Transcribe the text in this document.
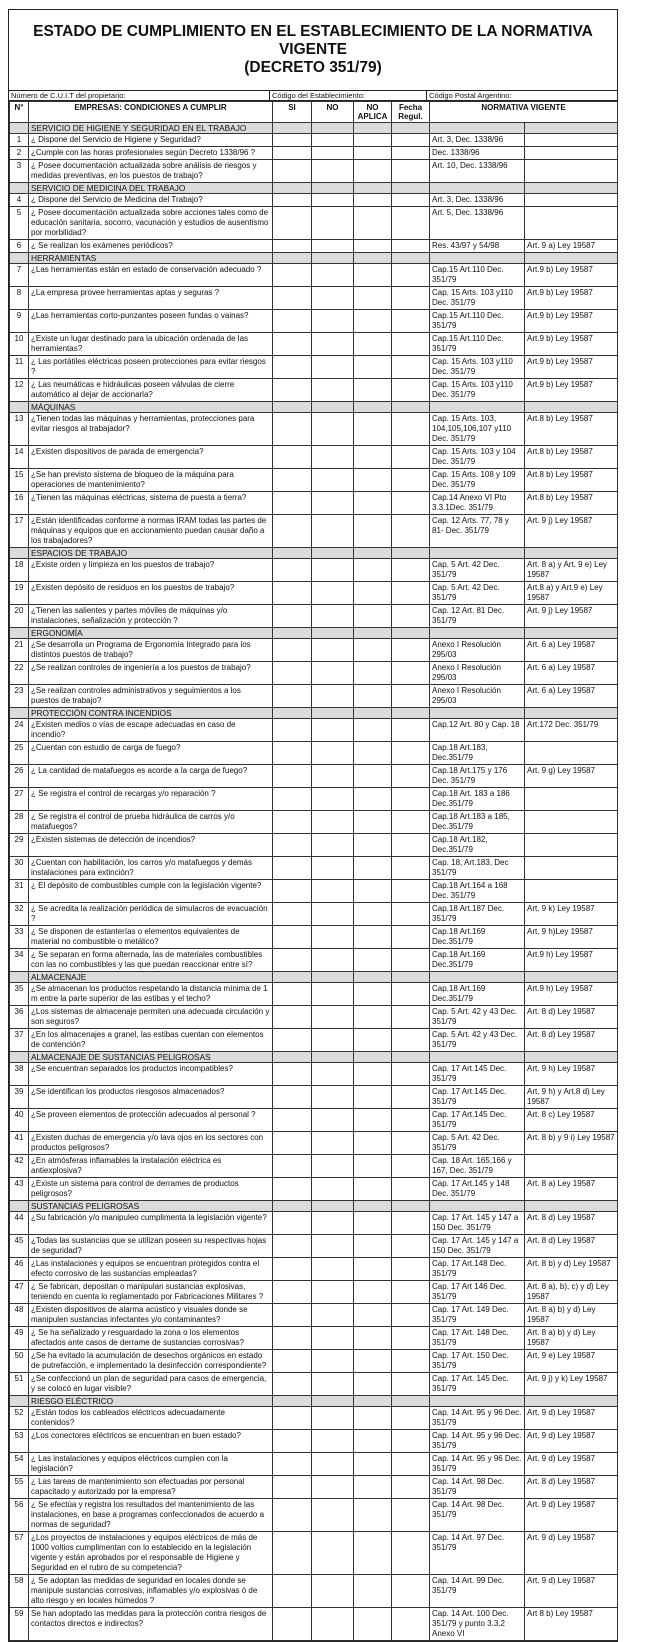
ESTADO DE CUMPLIMIENTO EN EL ESTABLECIMIENTO DE LA NORMATIVA VIGENTE
(DECRETO 351/79)
Número de C.U.I.T del propietario:	Código del Establecimiento:	Código Postal Argentino:
N°	EMPRESAS: CONDICIONES A CUMPLIR	SI	NO	NO APLICA	Fecha Regul.	NORMATIVA VIGENTE	
	SERVICIO DE HIGIENE Y SEGURIDAD EN EL TRABAJO						
1	¿ Dispone del Servicio de Higiene y Seguridad?					Art. 3, Dec. 1338/96	
2	¿Cumple con las horas profesionales según Decreto 1338/96 ?					Dec. 1338/96	
3	¿ Posee documentación actualizada sobre análisis de riesgos y medidas preventivas, en los puestos de trabajo?					Art. 10, Dec. 1338/96	
	SERVICIO DE MEDICINA DEL TRABAJO						
4	¿ Dispone del Servicio de Medicina del Trabajo?					Art. 3, Dec. 1338/96	
5	¿ Posee documentación actualizada sobre acciones tales como de educación sanitaria, socorro, vacunación y estudios de ausentismo por morbilidad?					Art. 5, Dec. 1338/96	
6	¿ Se realizan los exámenes periódicos?					Res. 43/97 y 54/98	Art. 9 a) Ley 19587
	HERRAMIENTAS						
7	¿Las herramientas están en estado de conservación adecuado ?					Cap.15 Art.110 Dec. 351/79	Art.9 b) Ley 19587
8	¿La empresa provee herramientas aptas y seguras ?					Cap. 15 Arts. 103 y110 Dec. 351/79	Art.9 b) Ley 19587
9	¿Las herramientas corto-punzantes poseen fundas o vainas?					Cap.15 Art.110 Dec. 351/79	Art.9 b) Ley 19587
10	¿Existe un lugar destinado para la ubicación ordenada de las herramientas?					Cap.15 Art.110 Dec. 351/79	Art.9 b) Ley 19587
11	¿ Las portátiles eléctricas poseen protecciones para evitar riesgos ?					Cap. 15 Arts. 103 y110 Dec. 351/79	Art.9 b) Ley 19587
12	¿ Las neumáticas e hidráulicas poseen válvulas de cierre automático al dejar de accionarla?					Cap. 15 Arts. 103 y110 Dec. 351/79	Art.9 b) Ley 19587
	MÁQUINAS						
13	¿Tienen todas las máquinas y herramientas, protecciones para evitar riesgos al trabajador?					Cap. 15 Arts. 103, 104,105,106,107 y110 Dec. 351/79	Art.8 b) Ley 19587
14	¿Existen dispositivos de parada de emergencia?					Cap. 15 Arts. 103 y 104 Dec. 351/79	Art.8 b) Ley 19587
15	¿Se han previsto sistema de bloqueo de la máquina para operaciones de mantenimiento?					Cap. 15 Arts. 108 y 109 Dec. 351/79	Art.8 b) Ley 19587
16	¿Tienen las máquinas eléctricas, sistema de puesta a tierra?					Cap.14 Anexo VI Pto 3.3.1Dec. 351/79	Art.8 b) Ley 19587
17	¿Están identificadas conforme a normas IRAM todas las partes de máquinas y equipos que en accionamiento puedan causar daño a los trabajadores?					Cap. 12 Arts. 77, 78 y 81- Dec. 351/79	Art. 9 j) Ley 19587
	ESPACIOS DE TRABAJO						
18	¿Existe orden y limpieza en los puestos de trabajo?					Cap. 5 Art. 42 Dec. 351/79	Art. 8 a) y Art. 9 e) Ley 19587
19	¿Existen depósito de residuos en los puestos de trabajo?					Cap. 5 Art. 42 Dec. 351/79	Art.8 a) y Art.9 e) Ley 19587
20	¿Tienen las salientes y partes móviles de máquinas y/o instalaciones, señalización y protección ?					Cap. 12 Art. 81 Dec. 351/79	Art. 9 j) Ley 19587
	ERGONOMÍA						
21	¿Se desarrolla un Programa de Ergonomía Integrado para los distintos puestos de trabajo?					Anexo I Resolución 295/03	Art. 6 a) Ley 19587
22	¿Se realizan controles de ingeniería a los puestos de trabajo?					Anexo I Resolución 295/03	Art. 6 a) Ley 19587
23	¿Se realizan controles administrativos y seguimientos a los puestos de trabajo?					Anexo I Resolución 295/03	Art. 6 a) Ley 19587
	PROTECCIÓN CONTRA INCENDIOS						
24	¿Existen medios o vías de escape adecuadas en caso de incendio?					Cap.12 Art. 80 y Cap. 18	Art.172 Dec. 351/79
25	¿Cuentan con estudio de carga de fuego?					Cap.18 Art.183, Dec.351/79	
26	¿ La cantidad de matafuegos es acorde a la carga de fuego?					Cap.18 Art.175 y 176 Dec. 351/79	Art. 9 g) Ley 19587
27	¿ Se registra el control de recargas y/o reparación ?					Cap.18 Art. 183 a 186 Dec.351/79	
28	¿ Se registra el control de prueba hidráulica de carros y/o matafuegos?					Cap.18 Art.183 a 185, Dec.351/79	
29	¿Existen sistemas de detección de incendios?					Cap.18 Art.182, Dec.351/79	
30	¿Cuentan con habilitación, los carros y/o matafuegos y demás instalaciones para extinción?					Cap. 18, Art.183, Dec 351/79	
31	¿ El depósito de combustibles cumple con la legislación vigente?					Cap.18 Art.164 a 168 Dec. 351/79	
32	¿ Se acredita la realización periódica de simulacros de evacuación ?					Cap.18 Art.187 Dec. 351/79	Art. 9 k) Ley 19587
33	¿ Se disponen de estanterías o elementos equivalentes de material no combustible o metálico?					Cap.18 Art.169 Dec.351/79	Art. 9 h)Ley 19587
34	¿ Se separan en forma alternada, las de materiales combustibles con las no combustibles y las que puedan reaccionar entre sí?					Cap.18 Art.169 Dec.351/79	Art.9 h) Ley 19587
	ALMACENAJE						
35	¿Se almacenan los productos respetando la distancia mínima de 1 m entre la parte superior de las estibas y el techo?					Cap.18 Art.169 Dec.351/79	Art.9 h) Ley 19587
36	¿Los sistemas de almacenaje permiten una adecuada circulación y son seguros?					Cap. 5 Art. 42 y 43 Dec. 351/79	Art. 8 d) Ley 19587
37	¿En los almacenajes a granel, las estibas cuentan con elementos de contención?					Cap. 5 Art. 42 y 43 Dec. 351/79	Art. 8 d) Ley 19587
	ALMACENAJE DE SUSTANCIAS PELIGROSAS						
38	¿Se encuentran separados los productos incompatibles?					Cap. 17 Art.145 Dec. 351/79	Art. 9 h) Ley 19587
39	¿Se identifican los productos riesgosos almacenados?					Cap. 17 Art.145 Dec. 351/79	Art. 9 h) y Art.8 d) Ley 19587
40	¿Se proveen elementos de protección adecuados al personal ?					Cap. 17 Art.145 Dec. 351/79	Art. 8 c) Ley 19587
41	¿Existen duchas de emergencia y/o lava ojos en los sectores con productos peligrosos?					Cap. 5 Art. 42 Dec. 351/79	Art. 8 b) y 9 i) Ley 19587
42	¿En atmósferas inflamables la instalación eléctrica es antiexplosiva?					Cap. 18 Art. 165,166 y 167, Dec. 351/79	
43	¿Existe un sistema para control de derrames de productos peligrosos?					Cap. 17 Art.145 y 148 Dec. 351/79	Art. 8 a) Ley 19587
	SUSTANCIAS PELIGROSAS						
44	¿Su fabricación y/o manipuleo cumplimenta la legislación vigente?					Cap. 17 Art. 145 y 147 a 150 Dec. 351/79	Art. 8 d) Ley 19587
45	¿Todas las sustancias que se utilizan poseen su respectivas hojas de seguridad?					Cap. 17 Art. 145 y 147 a 150 Dec. 351/79	Art. 8 d) Ley 19587
46	¿Las instalaciones y equipos se encuentran protegidos contra el efecto corrosivo de las sustancias empleadas?					Cap. 17 Art.148 Dec. 351/79	Art. 8 b) y d) Ley 19587
47	¿ Se fabrican, depositan o manipulan sustancias explosivas, teniendo en cuenta lo reglamentado por Fabricaciones Militares ?					Cap. 17 Art 146 Dec. 351/79	Art. 8 a), b), c) y d) Ley 19587
48	¿Existen dispositivos de alarma acústico y visuales donde se manipulen sustancias infectantes y/o contaminantes?					Cap. 17 Art. 149 Dec. 351/79	Art. 8 a) b) y d) Ley 19587
49	¿ Se ha señalizado y resguardado la zona o los elementos afectados ante casos de derrame de sustancias corrosivas?					Cap. 17 Art. 148 Dec. 351/79	Art. 8 a) b) y d) Ley 19587
50	¿Se ha evitado la acumulación de desechos orgánicos en estado de putrefacción, e implementado la desinfección correspondiente?					Cap. 17 Art. 150 Dec. 351/79	Art. 9 e) Ley 19587
51	¿Se confeccionó un plan de seguridad para casos de emergencia, y se colocó en lugar visible?					Cap. 17 Art. 145 Dec. 351/79	Art. 9 j) y k) Ley 19587
	RIESGO ELÉCTRICO						
52	¿Están todos los cableados eléctricos adecuadamente contenidos?					Cap. 14 Art. 95 y 96 Dec. 351/79	Art. 9 d) Ley 19587
53	¿Los conectores eléctricos se encuentran en buen estado?					Cap. 14 Art. 95 y 96 Dec. 351/79	Art. 9 d) Ley 19587
54	¿ Las instalaciones y equipos eléctricos cumplen con la legislación?					Cap. 14 Art. 95 y 96 Dec. 351/79	Art. 9 d) Ley 19587
55	¿ Las tareas de mantenimiento son efectuadas por personal capacitado y autorizado por la empresa?					Cap. 14 Art. 98 Dec. 351/79	Art. 8 d) Ley 19587
56	¿ Se efectúa y registra los resultados del mantenimiento de las instalaciones, en base a programas confeccionados de acuerdo a normas de seguridad?					Cap. 14 Art. 98 Dec. 351/79	Art. 9 d) Ley 19587
57	¿Los proyectos de instalaciones y equipos eléctricos de más de 1000 voltios cumplimentan con lo establecido en la legislación vigente y están aprobados por el responsable de Higiene y Seguridad en el rubro de su competencia?					Cap. 14 Art. 97 Dec. 351/79	Art. 9 d) Ley 19587
58	¿ Se adoptan las medidas de seguridad en locales donde se manipule sustancias corrosivas, inflamables y/o explosivas ó de alto riesgo y en locales húmedos ?					Cap. 14 Art. 99 Dec. 351/79	Art. 9 d) Ley 19587
59	Se han adoptado las medidas para la protección contra riesgos de contactos directos e indirectos?					Cap. 14 Art. 100 Dec. 351/79 y punto 3.3.2 Anexo VI	Art 8 b) Ley 19587
